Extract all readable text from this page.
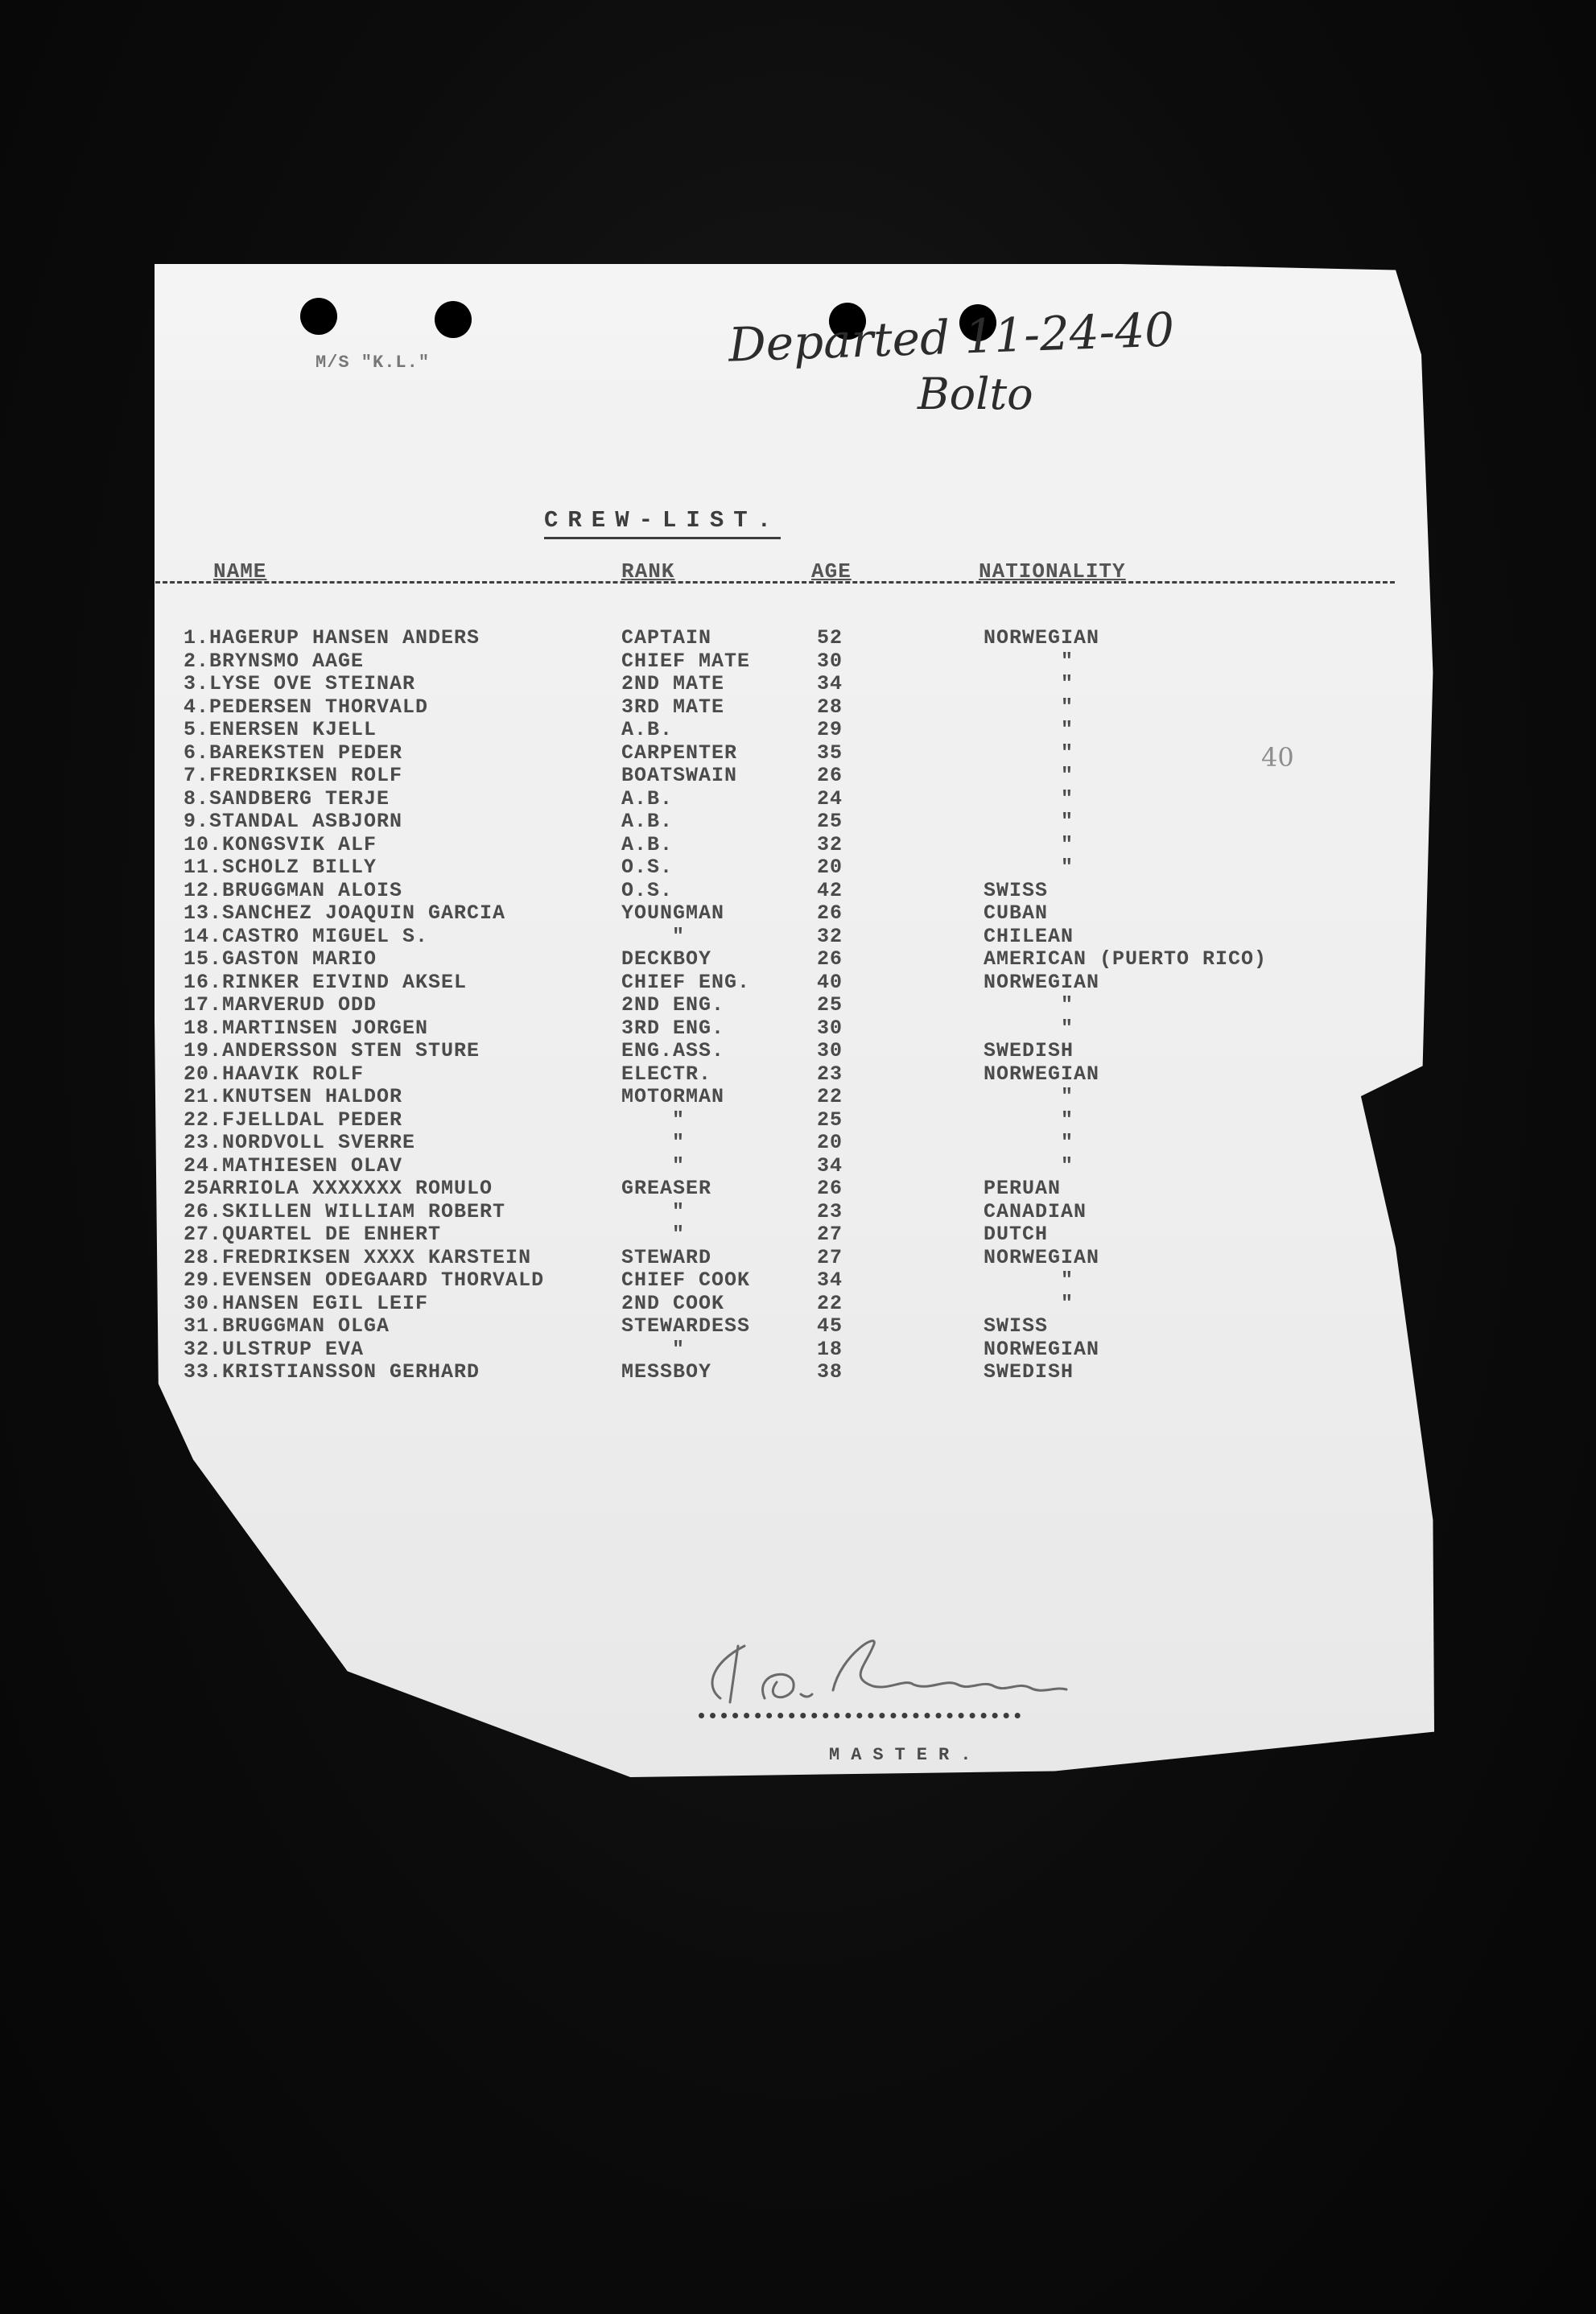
M/S "K.L."	Departed 11-24-40
Bolto
40
CREW-LIST.
NAME	RANK	AGE	NATIONALITY
1.HAGERUP HANSEN ANDERS	CAPTAIN	52	NORWEGIAN
2.BRYNSMO AAGE	CHIEF MATE	30	"
3.LYSE OVE STEINAR	2ND MATE	34	"
4.PEDERSEN THORVALD	3RD MATE	28	"
5.ENERSEN KJELL	A.B.	29	"
6.BAREKSTEN PEDER	CARPENTER	35	"
7.FREDRIKSEN ROLF	BOATSWAIN	26	"
8.SANDBERG TERJE	A.B.	24	"
9.STANDAL ASBJORN	A.B.	25	"
10.KONGSVIK ALF	A.B.	32	"
11.SCHOLZ BILLY	O.S.	20	"
12.BRUGGMAN ALOIS	O.S.	42	SWISS
13.SANCHEZ JOAQUIN GARCIA	YOUNGMAN	26	CUBAN
14.CASTRO MIGUEL S.	"	32	CHILEAN
15.GASTON MARIO	DECKBOY	26	AMERICAN (PUERTO RICO)
16.RINKER EIVIND AKSEL	CHIEF ENG.	40	NORWEGIAN
17.MARVERUD ODD	2ND ENG.	25	"
18.MARTINSEN JORGEN	3RD ENG.	30	"
19.ANDERSSON STEN STURE	ENG.ASS.	30	SWEDISH
20.HAAVIK ROLF	ELECTR.	23	NORWEGIAN
21.KNUTSEN HALDOR	MOTORMAN	22	"
22.FJELLDAL PEDER	"	25	"
23.NORDVOLL SVERRE	"	20	"
24.MATHIESEN OLAV	"	34	"
25ARRIOLA XXXXXXX ROMULO	GREASER	26	PERUAN
26.SKILLEN WILLIAM ROBERT	"	23	CANADIAN
27.QUARTEL DE ENHERT	"	27	DUTCH
28.FREDRIKSEN XXXX KARSTEIN	STEWARD	27	NORWEGIAN
29.EVENSEN ODEGAARD THORVALD	CHIEF COOK	34	"
30.HANSEN EGIL LEIF	2ND COOK	22	"
31.BRUGGMAN OLGA	STEWARDESS	45	SWISS
32.ULSTRUP EVA	"	18	NORWEGIAN
33.KRISTIANSSON GERHARD	MESSBOY	38	SWEDISH
MASTER.
